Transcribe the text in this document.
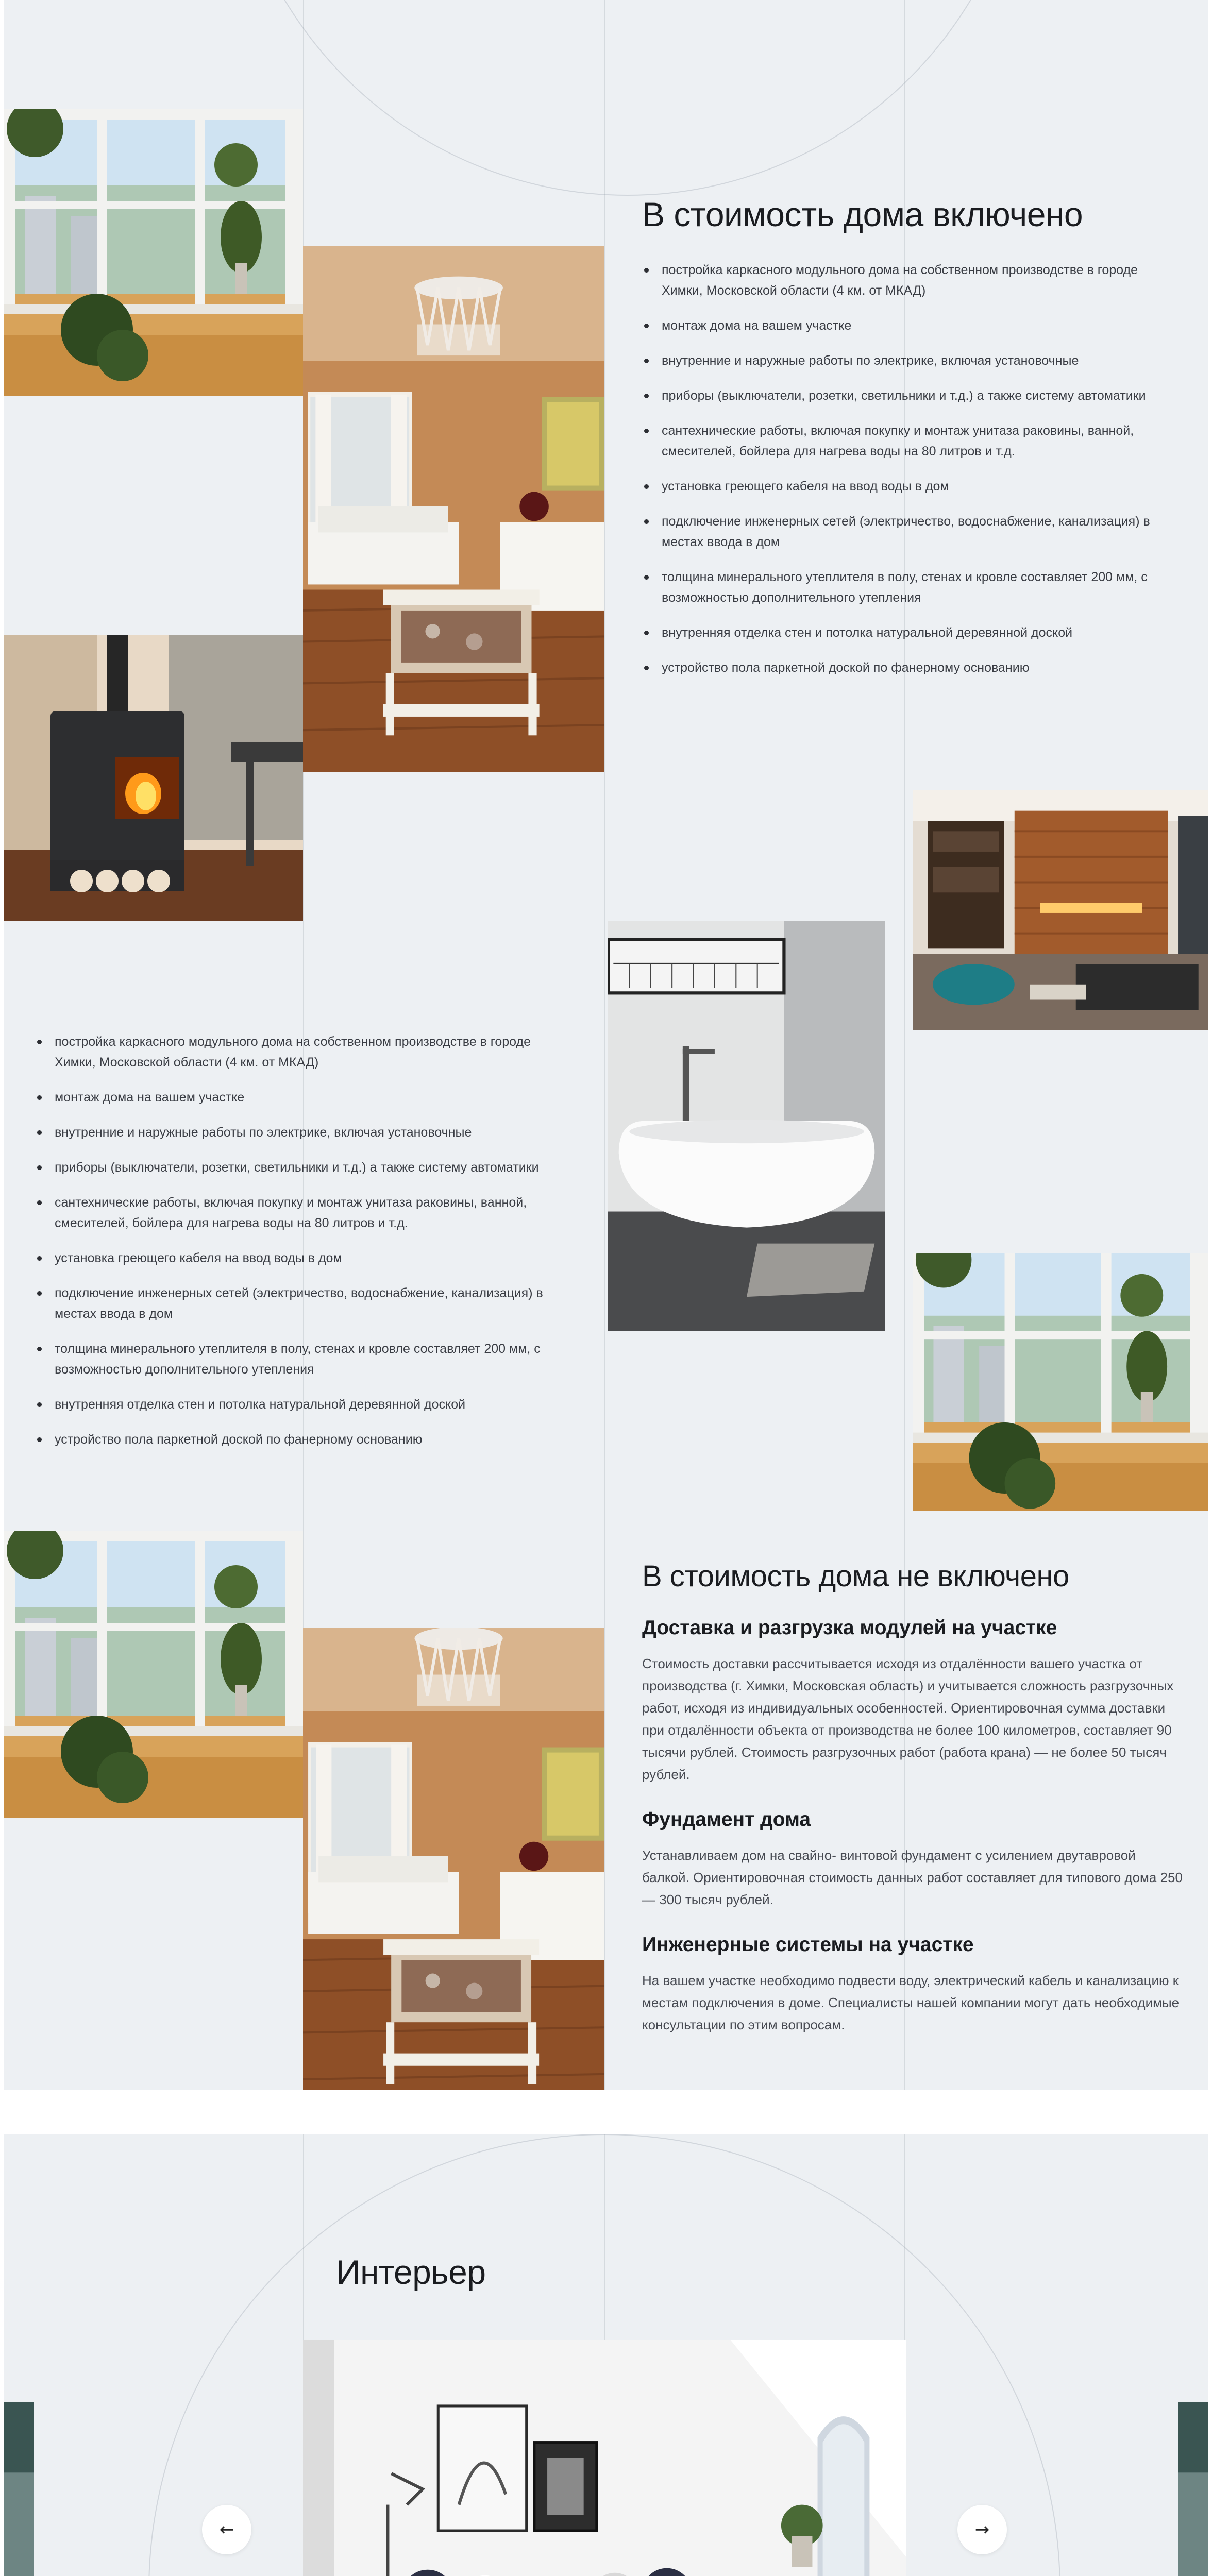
В стоимость дома включено
постройка каркасного модульного дома на собственном производстве в городе Химки, Московской области (4 км. от МКАД)
монтаж дома на вашем участке
внутренние и наружные работы по электрике, включая установочные
приборы (выключатели, розетки, светильники и т.д.) а также систему автоматики
сантехнические работы, включая покупку и монтаж унитаза раковины, ванной, смесителей, бойлера для нагрева воды на 80 литров и т.д.
установка греющего кабеля на ввод воды в дом
подключение инженерных сетей (электричество, водоснабжение, канализация) в местах ввода в дом
толщина минерального утеплителя в полу, стенах и кровле составляет 200 мм, с возможностью дополнительного утепления
внутренняя отделка стен и потолка натуральной деревянной доской
устройство пола паркетной доской по фанерному основанию
постройка каркасного модульного дома на собственном производстве в городе Химки, Московской области (4 км. от МКАД)
монтаж дома на вашем участке
внутренние и наружные работы по электрике, включая установочные
приборы (выключатели, розетки, светильники и т.д.) а также систему автоматики
сантехнические работы, включая покупку и монтаж унитаза раковины, ванной, смесителей, бойлера для нагрева воды на 80 литров и т.д.
установка греющего кабеля на ввод воды в дом
подключение инженерных сетей (электричество, водоснабжение, канализация) в местах ввода в дом
толщина минерального утеплителя в полу, стенах и кровле составляет 200 мм, с возможностью дополнительного утепления
внутренняя отделка стен и потолка натуральной деревянной доской
устройство пола паркетной доской по фанерному основанию
В стоимость дома не включено
Доставка и разгрузка модулей на участке

Стоимость доставки рассчитывается исходя из отдалённости вашего участка от производства (г. Химки, Московская область) и учитывается сложность разгрузочных работ, исходя из индивидуальных особенностей. Ориентировочная сумма доставки при отдалённости объекта от производства не более 100 километров, составляет 90 тысячи рублей. Стоимость разгрузочных работ (работа крана) — не более 50 тысяч рублей.

Фундамент дома

Устанавливаем дом на свайно- винтовой фундамент с усилением двутавровой балкой. Ориентировочная стоимость данных работ составляет для типового дома 250 — 300 тысяч рублей.

Инженерные системы на участке

На вашем участке необходимо подвести воду, электрический кабель и канализацию к местам подключения в доме. Специалисты нашей компании могут дать необходимые консультации по этим вопросам.

Интерьер
←	→
